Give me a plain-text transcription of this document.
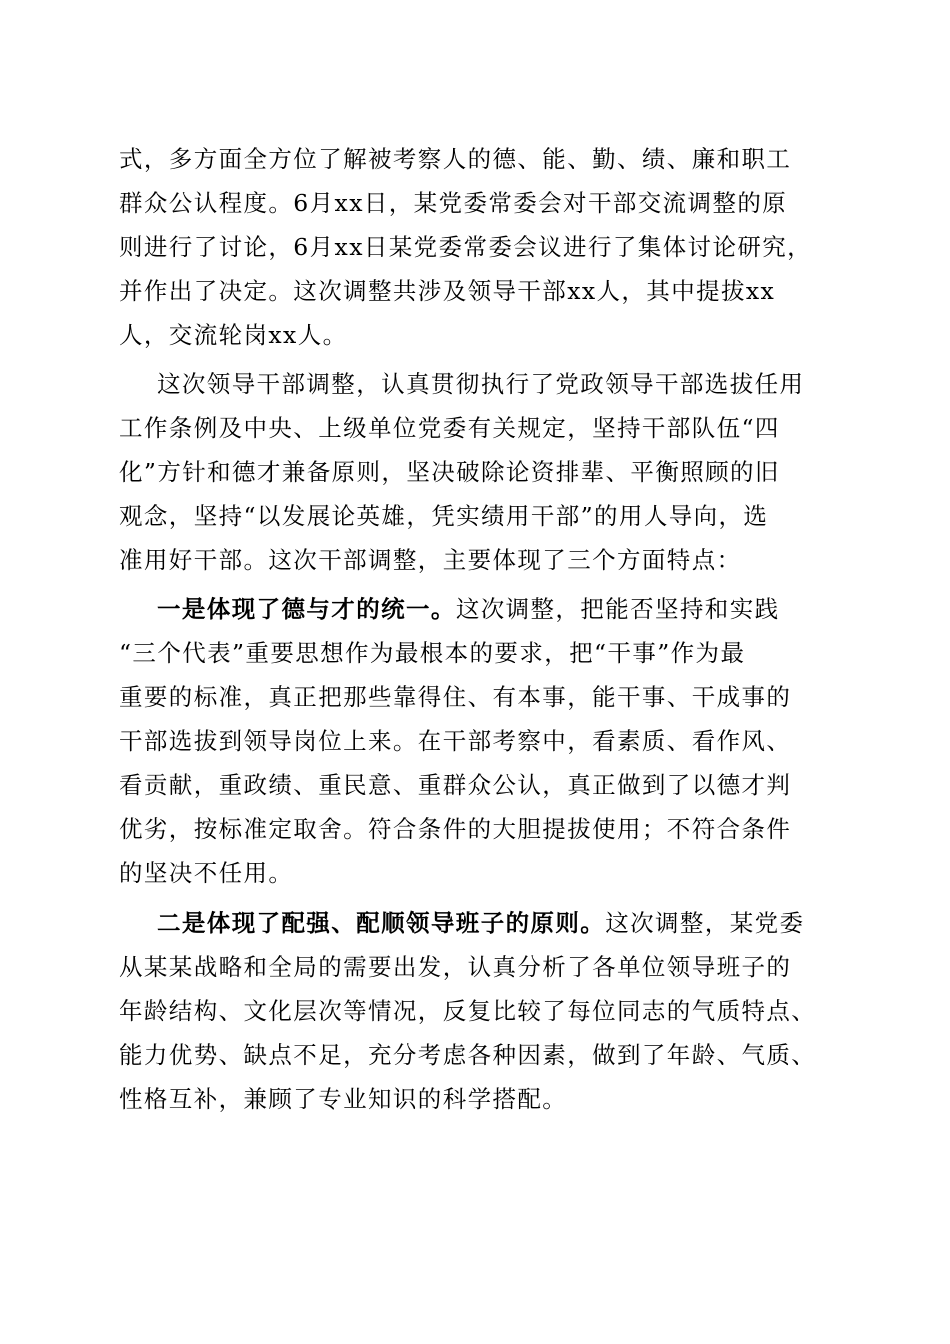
式，多方面全方位了解被考察人的德、能、勤、绩、廉和职工
群众公认程度。6月xx日，某党委常委会对干部交流调整的原
则进行了讨论，6月xx日某党委常委会议进行了集体讨论研究，
并作出了决定。这次调整共涉及领导干部xx人，其中提拔xx
人，交流轮岗xx人。
这次领导干部调整，认真贯彻执行了党政领导干部选拔任用
工作条例及中央、上级单位党委有关规定，坚持干部队伍“四
化”方针和德才兼备原则，坚决破除论资排辈、平衡照顾的旧
观念，坚持“以发展论英雄，凭实绩用干部”的用人导向，选
准用好干部。这次干部调整，主要体现了三个方面特点：
一是体现了德与才的统一。这次调整，把能否坚持和实践
“三个代表”重要思想作为最根本的要求，把“干事”作为最
重要的标准，真正把那些靠得住、有本事，能干事、干成事的
干部选拔到领导岗位上来。在干部考察中，看素质、看作风、
看贡献，重政绩、重民意、重群众公认，真正做到了以德才判
优劣，按标准定取舍。符合条件的大胆提拔使用；不符合条件
的坚决不任用。
二是体现了配强、配顺领导班子的原则。这次调整，某党委
从某某战略和全局的需要出发，认真分析了各单位领导班子的
年龄结构、文化层次等情况，反复比较了每位同志的气质特点、
能力优势、缺点不足，充分考虑各种因素，做到了年龄、气质、
性格互补，兼顾了专业知识的科学搭配。
